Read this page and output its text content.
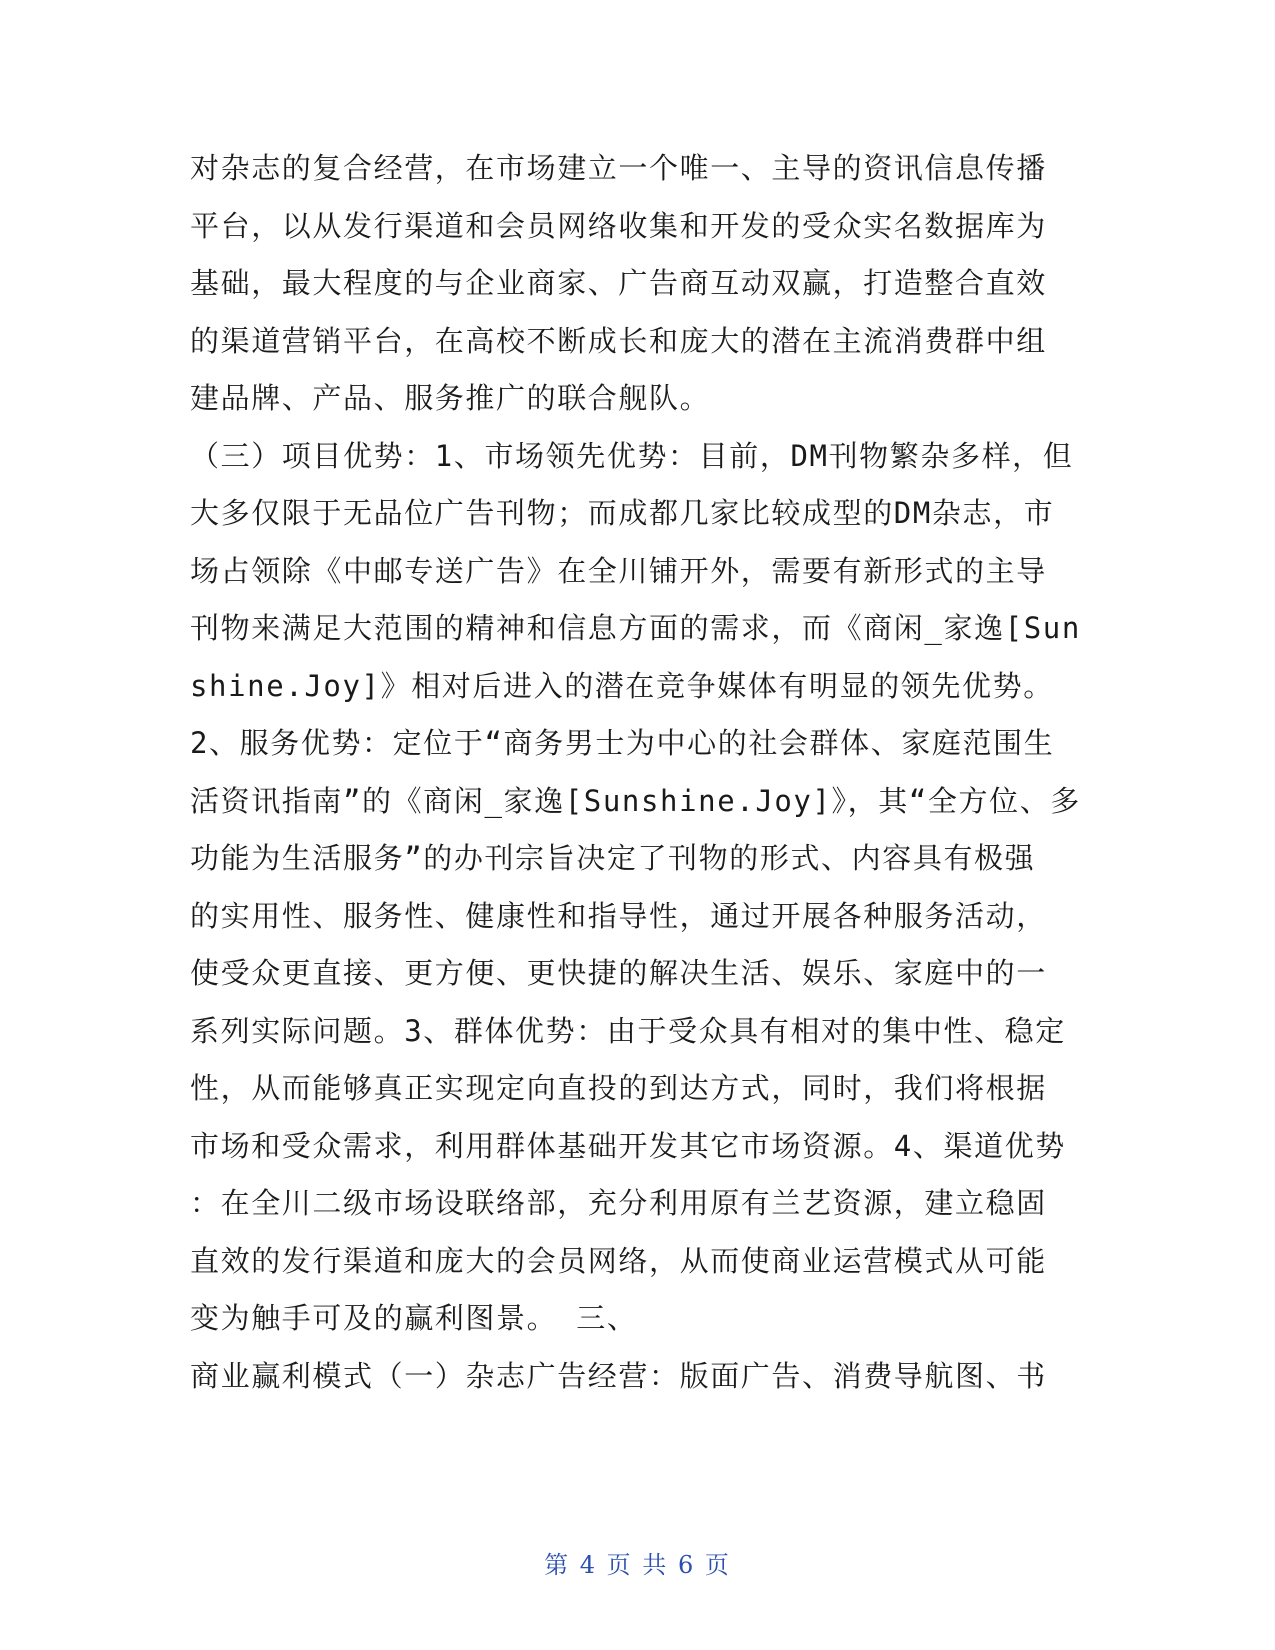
对杂志的复合经营，在市场建立一个唯一、主导的资讯信息传播
平台，以从发行渠道和会员网络收集和开发的受众实名数据库为
基础，最大程度的与企业商家、广告商互动双赢，打造整合直效
的渠道营销平台，在高校不断成长和庞大的潜在主流消费群中组
建品牌、产品、服务推广的联合舰队。
（三）项目优势：1、市场领先优势：目前，DM刊物繁杂多样，但
大多仅限于无品位广告刊物；而成都几家比较成型的DM杂志，市
场占领除《中邮专送广告》在全川铺开外，需要有新形式的主导
刊物来满足大范围的精神和信息方面的需求，而《商闲_家逸[Sun
shine.Joy]》相对后进入的潜在竞争媒体有明显的领先优势。
2、服务优势：定位于“商务男士为中心的社会群体、家庭范围生
活资讯指南”的《商闲_家逸[Sunshine.Joy]》，其“全方位、多
功能为生活服务”的办刊宗旨决定了刊物的形式、内容具有极强
的实用性、服务性、健康性和指导性，通过开展各种服务活动，
使受众更直接、更方便、更快捷的解决生活、娱乐、家庭中的一
系列实际问题。3、群体优势：由于受众具有相对的集中性、稳定
性，从而能够真正实现定向直投的到达方式，同时，我们将根据
市场和受众需求，利用群体基础开发其它市场资源。4、渠道优势
：在全川二级市场设联络部，充分利用原有兰艺资源，建立稳固
直效的发行渠道和庞大的会员网络，从而使商业运营模式从可能
变为触手可及的赢利图景。 三、
商业赢利模式（一）杂志广告经营：版面广告、消费导航图、书
第 4 页 共 6 页
